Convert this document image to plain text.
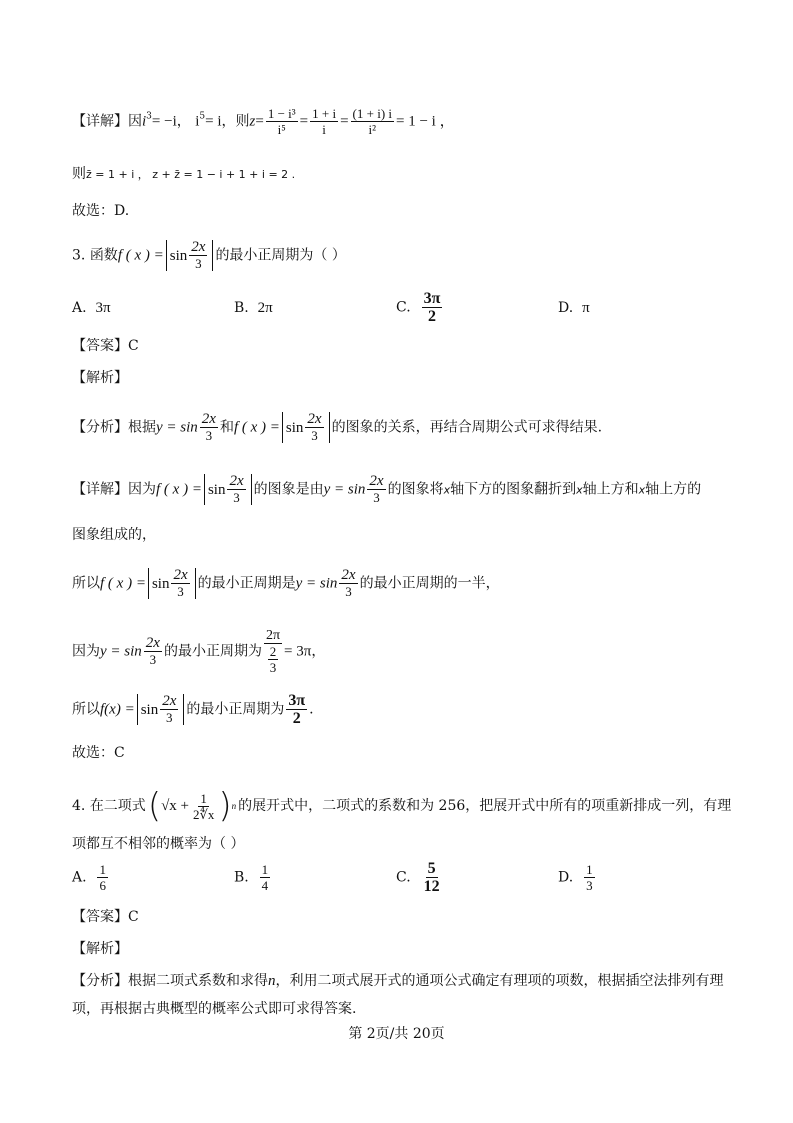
【详解】因$i^3= -i$， $i^5= i$，则$z= \frac{\text{1 − i³}}{\text{i⁵}} = \frac{1 + i}{i} = \frac{(1 + i) i}{\text{i²}} = 1 - i$ ，
则z̄ = 1 + i ， z + z̄ = 1 − i + 1 + i = 2 .
故选：D.
3. 函数f ( x ) = $\sin \frac{2x}{3}$ 的最小正周期为（ ）
A. 3π	B. 2π	C. $\frac{3\pi}{2}$	D. π
【答案】C
【解析】
【分析】根据$y = \sin \frac{2x}{3}$ 和f ( x ) = $\sin \frac{2x}{3}$ 的图象的关系，再结合周期公式可求得结果.
【详解】因为f ( x ) = $\sin \frac{2x}{3}$ 的图象是由$y = \sin \frac{2x}{3}$ 的图象将x轴下方的图象翻折到x轴上方和x轴上方的
图象组成的，
所以f ( x ) = $\sin \frac{2x}{3}$ 的最小正周期是$y = \sin \frac{2x}{3}$ 的最小正周期的一半，
因为$y = \sin \frac{2x}{3}$ 的最小正周期为 $\frac{2\pi}{\frac{2}{3}} = 3\pi$，
所以$f(x) = \sin \frac{2x}{3}$ 的最小正周期为 $\frac{3\pi}{2}$ .
故选：C
4. 在二项式 ( $√x + \frac{1}{2∜x}$ ) n 的展开式中，二项式的系数和为 256，把展开式中所有的项重新排成一列，有理
项都互不相邻的概率为（ ）
A. $\frac{1}{6}$	B. $\frac{1}{4}$	C. $\frac{5}{12}$	D. $\frac{1}{3}$
【答案】C
【解析】
【分析】根据二项式系数和求得n，利用二项式展开式的通项公式确定有理项的项数，根据插空法排列有理
项，再根据古典概型的概率公式即可求得答案.
第 2页/共 20页
